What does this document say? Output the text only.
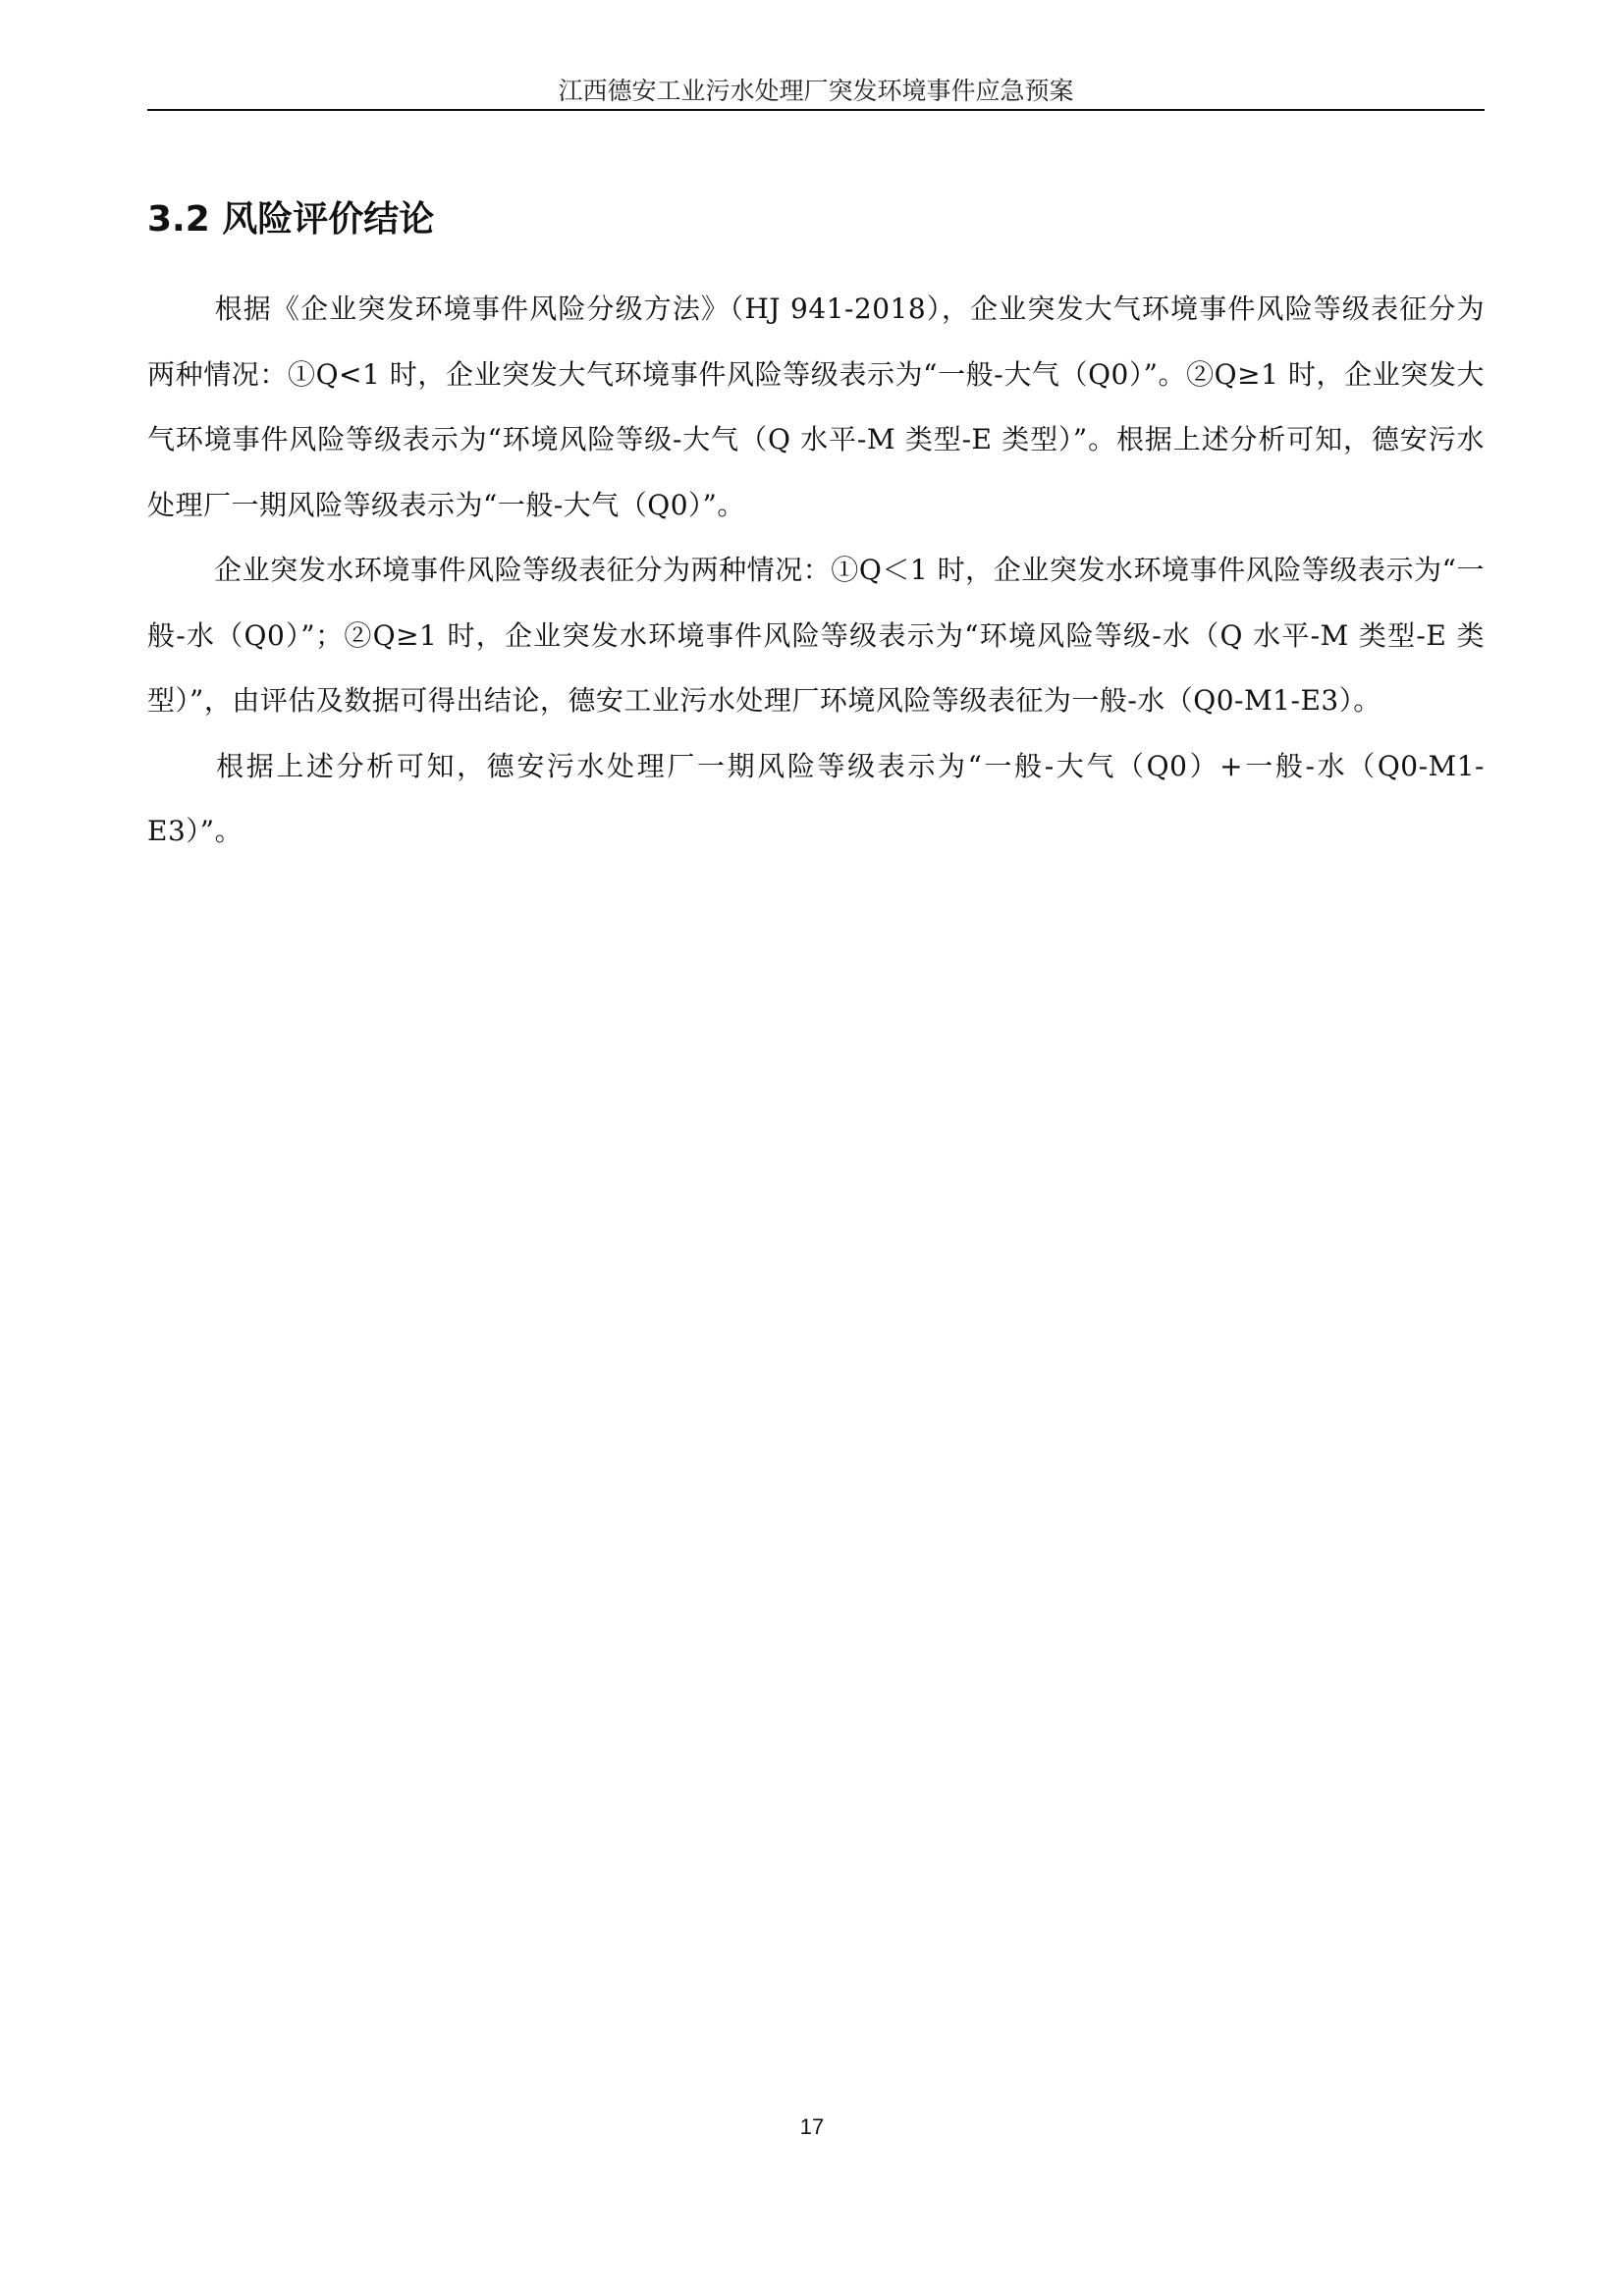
江西德安工业污水处理厂突发环境事件应急预案
3.2 风险评价结论

根据《企业突发环境事件风险分级方法》（HJ 941-2018），企业突发大气环境事件风险等级表征分为两种情况：①Q<1 时，企业突发大气环境事件风险等级表示为“一般-大气（Q0）”。②Q≥1 时，企业突发大气环境事件风险等级表示为“环境风险等级-大气（Q 水平-M 类型-E 类型）”。根据上述分析可知，德安污水处理厂一期风险等级表示为“一般-大气（Q0）”。

企业突发水环境事件风险等级表征分为两种情况：①Q＜1 时，企业突发水环境事件风险等级表示为“一般-水（Q0）”；②Q≥1 时，企业突发水环境事件风险等级表示为“环境风险等级-水（Q 水平-M 类型-E 类型）”，由评估及数据可得出结论，德安工业污水处理厂环境风险等级表征为一般-水（Q0-M1-E3）。

根据上述分析可知，德安污水处理厂一期风险等级表示为“一般-大气（Q0）+一般-水（Q0-M1-E3）”。

17
